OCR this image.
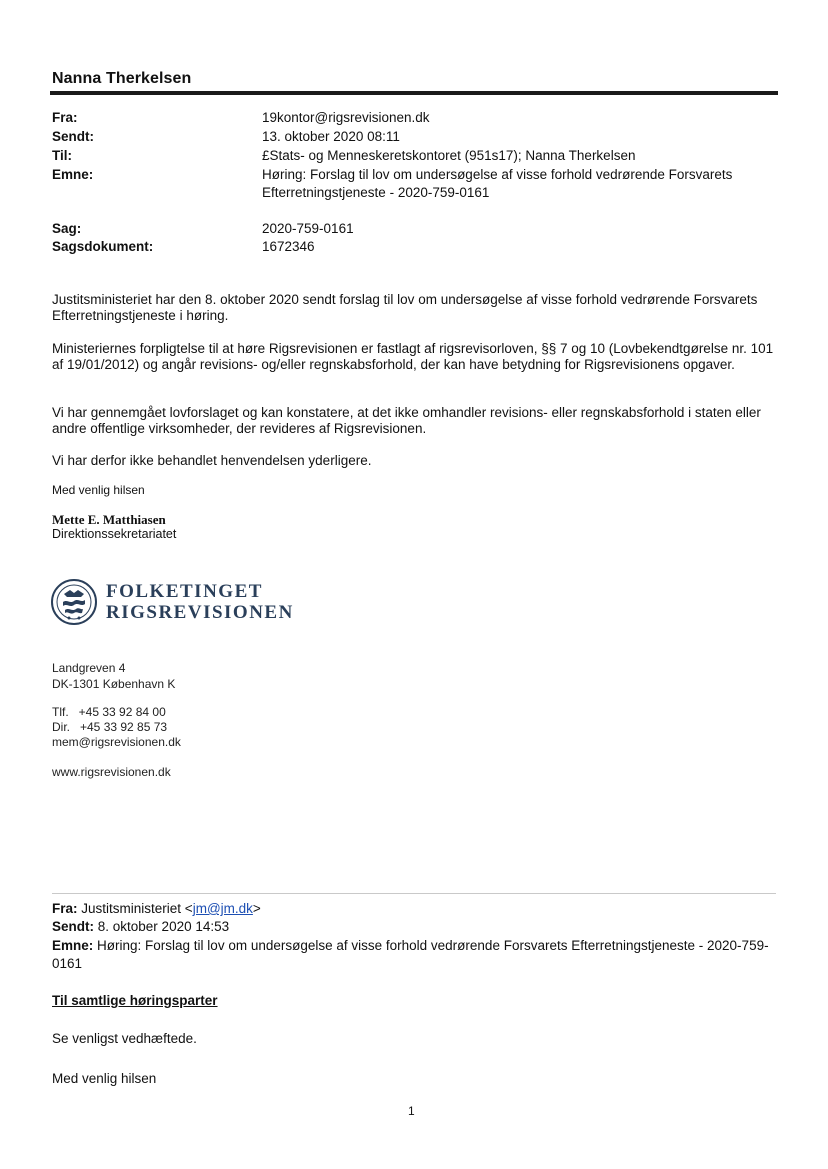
Nanna Therkelsen
Fra:	19kontor@rigsrevisionen.dk
Sendt:	13. oktober 2020 08:11
Til:	£Stats- og Menneskeretskontoret (951s17); Nanna Therkelsen
Emne:	Høring: Forslag til lov om undersøgelse af visse forhold vedrørende Forsvarets Efterretningstjeneste - 2020-759-0161
Sag:	2020-759-0161
Sagsdokument:	1672346
Justitsministeriet har den 8. oktober 2020 sendt forslag til lov om undersøgelse af visse forhold vedrørende Forsvarets Efterretningstjeneste i høring.
Ministeriernes forpligtelse til at høre Rigsrevisionen er fastlagt af rigsrevisorloven, §§ 7 og 10 (Lovbekendtgørelse nr. 101 af 19/01/2012) og angår revisions- og/eller regnskabsforhold, der kan have betydning for Rigsrevisionens opgaver.
Vi har gennemgået lovforslaget og kan konstatere, at det ikke omhandler revisions- eller regnskabsforhold i staten eller andre offentlige virksomheder, der revideres af Rigsrevisionen.
Vi har derfor ikke behandlet henvendelsen yderligere.
Med venlig hilsen
Mette E. Matthiasen
Direktionssekretariatet
FOLKETINGET
RIGSREVISIONEN
Landgreven 4
DK-1301 København K
Tlf.   +45 33 92 84 00
Dir.   +45 33 92 85 73
mem@rigsrevisionen.dk
www.rigsrevisionen.dk
Fra: Justitsministeriet <jm@jm.dk>
Sendt: 8. oktober 2020 14:53
Emne: Høring: Forslag til lov om undersøgelse af visse forhold vedrørende Forsvarets Efterretningstjeneste - 2020-759-0161
Til samtlige høringsparter
Se venligst vedhæftede.
Med venlig hilsen
1
